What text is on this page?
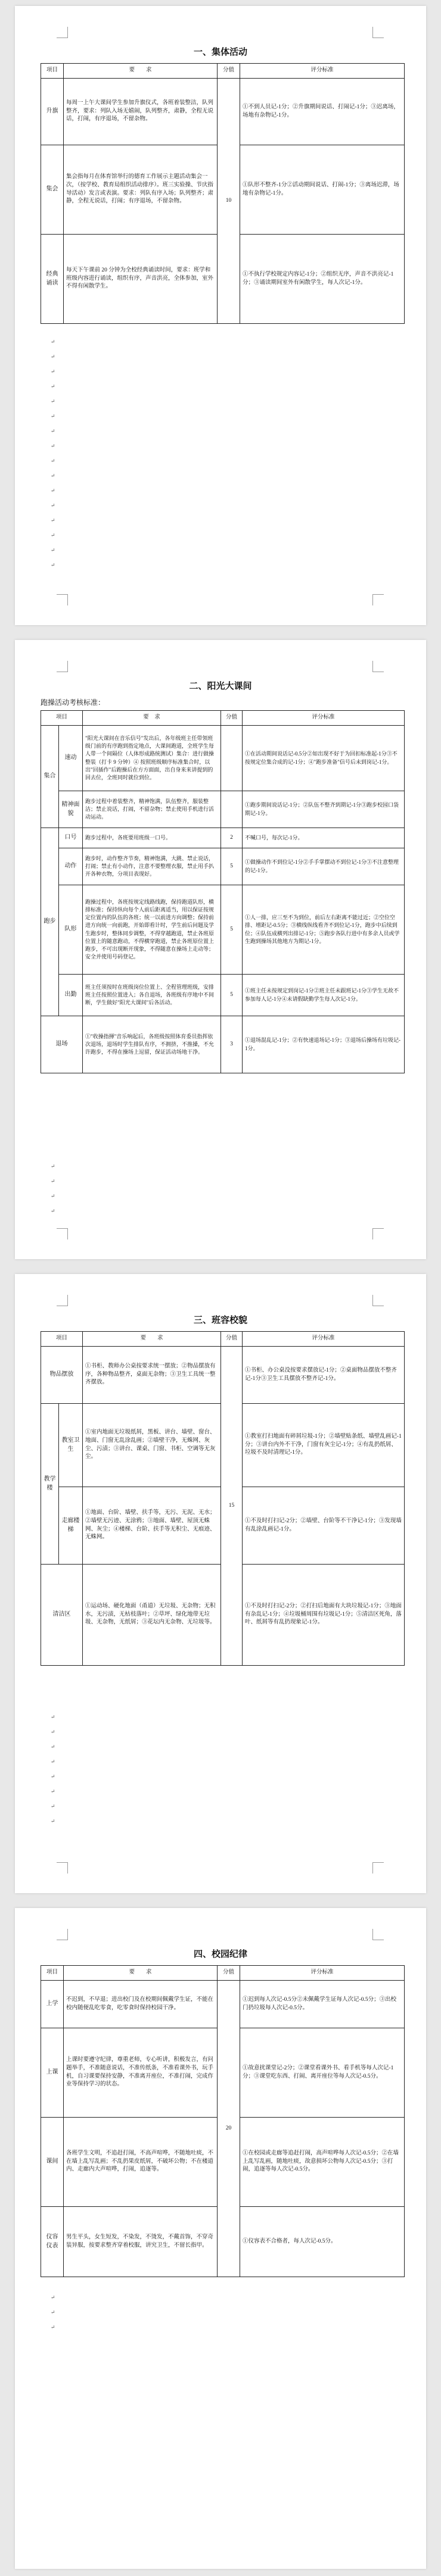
一、集体活动
项目	要　　求	分值	评分标准
升旗	每周一上午大课间学生参加升旗仪式，各班着装整洁，队列整齐，要求：列队入场无嬉闹，队列整齐，肃静，全程无说话，打闹，有序退场，不留杂物。	10	①不到人员记-1分；②升旗期间说话、打闹记-1分；③迟离场，场地有杂物记-1分。
集会	集会指每月在体育馆举行的德育工作展示主题活动集会一次，（按学校、教育局组织活动排序）。班三实验操、节庆指导活动）发言或表演。要求：列队有序入场；队列整齐；肃静，全程无说话，打闹；有序退场，不留杂物。		①队形不整齐-1分②活动期间说话、打闹-1分；③离场迟滞，场地有杂物记-1分。
经典诵读	每天下午课前 20 分钟为全校经典诵读时间，要求：班学和班级内容进行诵读，组织有序，声音洪亮，全体参加，室外不得有闲散学生。		①不执行学校规定内容记-1分；②组织无序，声音不洪亮记-1分；③诵读期间室外有闲散学生，每人次记-1分。
↵
↵
↵
↵
↵
↵
↵
↵
↵
↵
↵
↵
↵
↵
↵
↵
二、阳光大课间
跑操活动考核标准：
项目		要　求	分值	评分标准
集合	速动	"阳光大课间在音乐信号"发出后，各年级班主任带领班级门前的有序跑到指定地点，大课间跑道，全班学生每人带一个间隔位（人体形成路统测试）集合：进行做操整装（打卡 9 分钟）④ 按照班级顺序标准集合时，以出"回插作"后跑操后在方方面面，出自身来来讲提到的回去位，全班同时就位到位。		①在活动期间说话记-0.5分②如出现不好于为回扣标准起-1分③不按规定位集合成的记-1分；④"跑步准备"信号后未到岗记-1分。
	精神面貌	跑步过程中着装整齐，精神饱满，队伍整齐，服装整洁；禁止说话，打闹，不留杂物；禁止使用手机进行活动运动。		①跑步期间说话记-1分；②队伍不整齐到期记-1分③跑步校园口袋期记-1分。
跑步	口号	跑步过程中，各班要用班级一口号。	2	不喊口号，每次记-1分。
	动作	跑步时，动作整齐节奏，精神饱满，大跳、禁止说话，打闹；禁止有小动作，注意不要整理衣服，禁止用手扒开各种衣物，分项目表现好。	5	①做操动作不到位记-1分②手手掌摆动不到位记-1分③不注意整理的记-1分。
	队形	跑操过程中，各班按规定线路线跑，保持跑道队形，横排标准；保持纵向每个人前后距离适当，用以保证按规定位置内的队伍的各班；统一以前进方向调整；保持前进方向统一向前跑，开始即看计时，学生前后问题及学生跑步时，整体同步调整，不得穿越跑道，禁止各班原位置上的随意跑动，不得横穿跑道，禁止各班原位置上跑步，不可出现断开现象，不得随意在操场上走动等；安全并使用号码登记。	5	①人一排，应三至不为到位，前后左右距离不能过近；②空位空排、增距记-0.5分；③横线纵线看齐不到位记-1分，跑步中后续到位；④队伍成横列出排记-1分；⑤跑步各队行进中有多余人员或学生跑到操场其他地方为期记-1分。
	出勤	班主任须按时在班级岗位位置上、全程管理班级，安排班主任按照位置进入；各自退场，各班级有序地中不间断，学生做好"阳光大课间"后各活动。	5	①班主任未按规定到岗记-1分②班主任未跟班记-1分③学生无故不参加每人记-1分④未请假缺勤学生每人次记-1分。
退场		①"收操指揮"音乐响起后，各班级按照体育委员指挥依次退场，退场时学生排队有序，不拥挤，不推搡，不允许跑步，不得在操场上逗留，保证活动场地干净。	3	①退场混乱记-1分；②有快速退场记-1分；③退场后操场有垃圾记-1分。
↵
↵
↵
↵
三、班容校貌
项目		要　　求	分值	评分标准
物品摆放		①书柜、教师办公桌按要求统一摆放；②物品摆放有序，各种物品整齐，桌面无杂物；③卫生工具统一整齐摆放。	15	①书柜、办公桌没按要求摆放记-1分；②桌面物品摆放不整齐记-1分③卫生工具摆放不整齐记-1分。
教学楼	教室卫生	①室内地面无垃圾纸屑，黑板、讲台、墙壁、窗台、地面、门窗无乱涂乱画；②墙壁干净，无蛛网、灰尘、污渍；③讲台、课桌、门窗、书柜、空调等无灰尘。		①教室打扫地面有碎屑垃圾-1分；②墙壁贴条纸、墙壁乱画记-1分；③讲台内外不干净，门窗有灰尘记-1分；④有乱扔纸屑、垃圾不及时清理记-1分。
	走廊楼梯	①地面、台阶、墙壁、扶手等，无污、无泥、无水；②墙壁无污迹、无涂鸦；③地面、墙壁、屋顶无蛛网、灰尘；④楼梯、台阶、扶手等无积尘、无痕迹、无蛛网。		①不及时打扫记-2分；②墙壁、台阶等不干净记-1分；③发现墙有乱涂乱画记-1分。
清洁区		①运动场、硬化地面（甬道）无垃圾、无杂物；无积水，无污渍，无枯枝落叶；②草坪、绿化地带无垃圾、无杂物，无纸屑；③花坛内无杂物、无垃圾等。		①不及时打扫记-2分；②打扫后地面有大块垃圾记-1分；③地面有杂乱记-1分；④垃圾桶周围有垃圾记-1分；⑤清洁区死角，落叶、纸屑等有乱扔现象记-1分。
↵
↵
↵
↵
↵
↵
↵
↵
四、校园纪律
项目	要　　求	分值	评分标准
上学	不迟到，不早退；进出校门及在校期间佩戴学生证，不能在校内随便乱吃零食，吃零食时保持校园干净。	20	①迟到每人次记-0.5分②未佩戴学生证每人次记-0.5分；③出校门扔垃圾每人次记-0.5分。
上课	上课时要遵守纪律，尊重老师，专心听讲，积极发言，有问题举手，不准随意说话，不准传纸条，不准看课外书，玩手机，自习课要保持安静，不准离开座位，不准打闹，完成作业等保持学习的状态。		①故意扰课堂记-2分；②课堂看课外书、看手机等每人次记-1分；③课堂吃东西、打闹、离开座位等每人次记-0.5分。
课间	各班学生文明，不追赶打闹，不高声喧哗，不随地吐痰，不在墙上乱写乱画；不乱扔果皮纸屑，不破坏公物；不在楼道内、走廊内大声喧哗，打闹，追逐等。		①在校园或走廊等追赶打闹，高声喧哗每人次记-0.5分；②在墙上乱写乱画，随地吐痰，故意损坏公物每人次记-0.5分；③打闹，追逐等每人次记-0.5分。
仪容仪表	男生平头，女生短发，不染发，不烫发，不戴首饰，不穿奇装异服，按要求整齐穿着校服，讲究卫生，不留长指甲。		①仪容表不合格者，每人次记-0.5分。
↵
↵
↵
